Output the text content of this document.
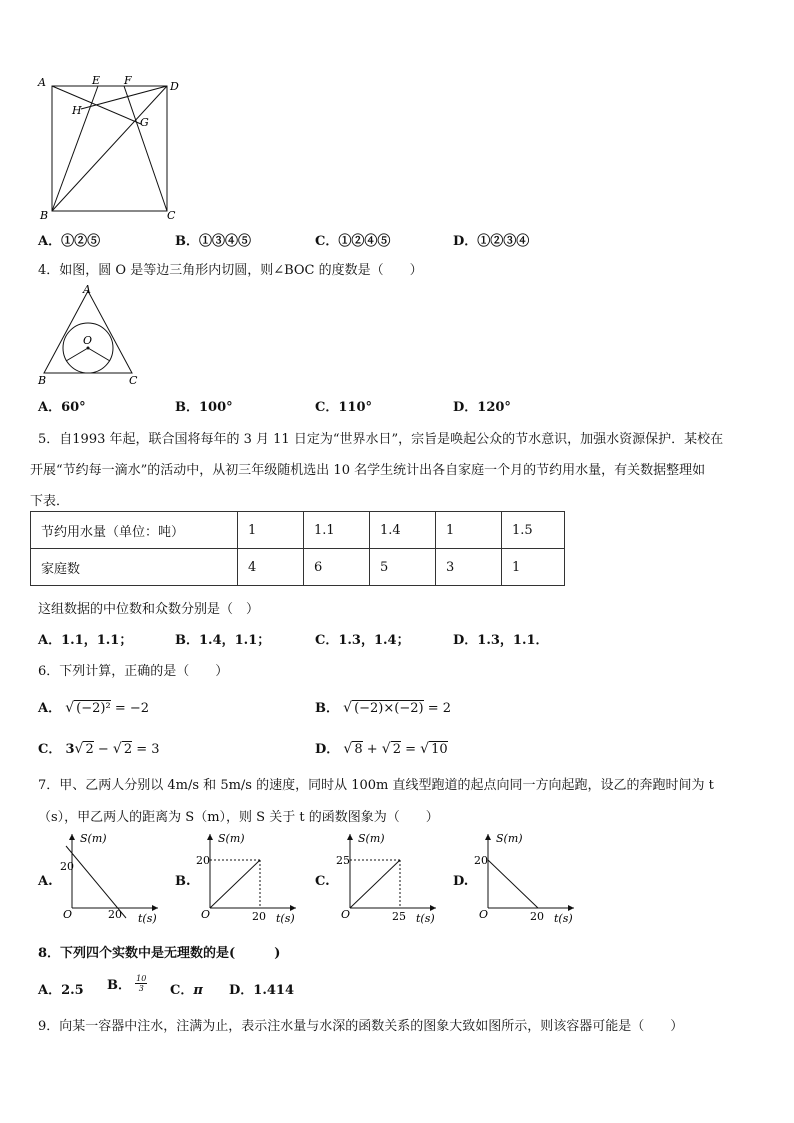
A	E F	D
H
G
B	C
A．①②⑤	B．①③④⑤	C．①②④⑤	D．①②③④
4．如图，圆 O 是等边三角形内切圆，则∠BOC 的度数是（　　）
A
O
B	C
A．60°	B．100°	C．110°	D．120°
5．自1993 年起，联合国将每年的 3 月 11 日定为“世界水日”，宗旨是唤起公众的节水意识，加强水资源保护．某校在
开展“节约每一滴水”的活动中，从初三年级随机选出 10 名学生统计出各自家庭一个月的节约用水量，有关数据整理如
下表．
节约用水量（单位：吨）	1	1.1	1.4	1	1.5
家庭数	4	6	5	3	1
这组数据的中位数和众数分别是（　）
A．1.1，1.1；	B．1.4，1.1；	C．1.3，1.4；	D．1.3，1.1．
6．下列计算，正确的是（　　）
A． √ (−2)² = −2	B． √ (−2)×(−2) = 2
C． 3√ 2 − √ 2 = 3	D． √ 8 + √ 2 = √ 10
7．甲、乙两人分别以 4m/s 和 5m/s 的速度，同时从 100m 直线型跑道的起点向同一方向起跑，设乙的奔跑时间为 t
（s），甲乙两人的距离为 S（m），则 S 关于 t 的函数图象为（　　）
A.
S(m)
20
O	20 t(s)
B.
S(m)
20
O	20 t(s)
C.
S(m)
25
O	25 t(s)
D.
S(m)
20
O	20 t(s)
8．下列四个实数中是无理数的是(　　　)
A．2.5 B． $\frac{10}{3}$ C．π D．1.414
9．向某一容器中注水，注满为止，表示注水量与水深的函数关系的图象大致如图所示，则该容器可能是（　　）
